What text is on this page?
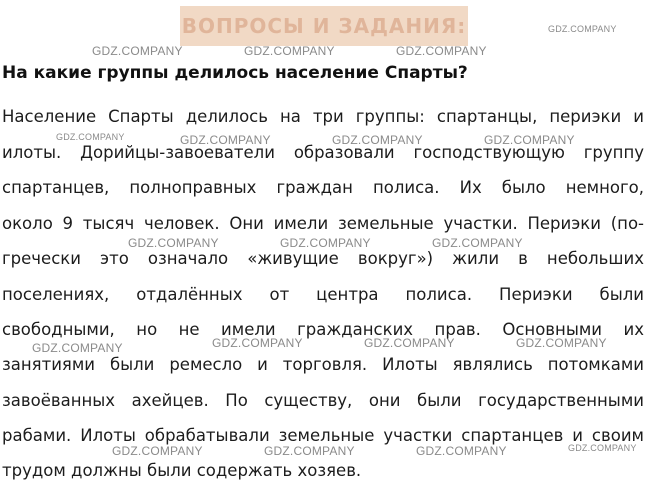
ВОПРОСЫ И ЗАДАНИЯ:
На какие группы делилось население Спарты?
Население Спарты делилось на три группы: спартанцы, периэки и
илоты. Дорийцы-завоеватели образовали господствующую группу
спартанцев, полноправных граждан полиса. Их было немного,
около 9 тысяч человек. Они имели земельные участки. Периэки (по-
гречески это означало «живущие вокруг») жили в небольших
поселениях, отдалённых от центра полиса. Периэки были
свободными, но не имели гражданских прав. Основными их
занятиями были ремесло и торговля. Илоты являлись потомками
завоёванных ахейцев. По существу, они были государственными
рабами. Илоты обрабатывали земельные участки спартанцев и своим
трудом должны были содержать хозяев.
GDZ.COMPANY
GDZ.COMPANY	GDZ.COMPANY	GDZ.COMPANY
GDZ.COMPANY	GDZ.COMPANY	GDZ.COMPANY	GDZ.COMPANY
GDZ.COMPANY	GDZ.COMPANY	GDZ.COMPANY
GDZ.COMPANY	GDZ.COMPANY	GDZ.COMPANY	GDZ.COMPANY
GDZ.COMPANY	GDZ.COMPANY	GDZ.COMPANY	GDZ.COMPANY
